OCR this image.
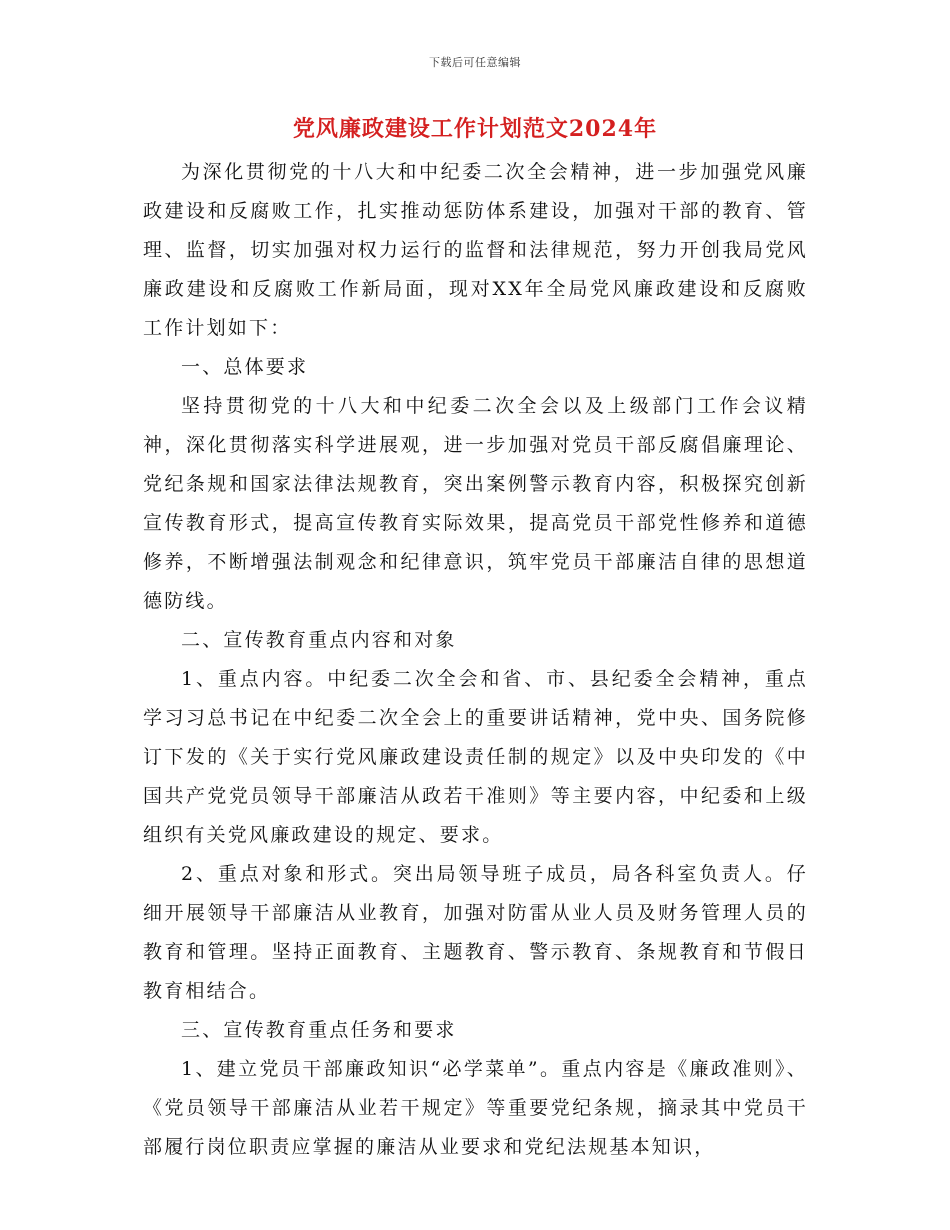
下载后可任意编辑
党风廉政建设工作计划范文2024年

为深化贯彻党的十八大和中纪委二次全会精神，进一步加强党风廉政建设和反腐败工作，扎实推动惩防体系建设，加强对干部的教育、管理、监督，切实加强对权力运行的监督和法律规范，努力开创我局党风廉政建设和反腐败工作新局面，现对XX年全局党风廉政建设和反腐败工作计划如下：

一、总体要求

坚持贯彻党的十八大和中纪委二次全会以及上级部门工作会议精神，深化贯彻落实科学进展观，进一步加强对党员干部反腐倡廉理论、党纪条规和国家法律法规教育，突出案例警示教育内容，积极探究创新宣传教育形式，提高宣传教育实际效果，提高党员干部党性修养和道德修养，不断增强法制观念和纪律意识，筑牢党员干部廉洁自律的思想道德防线。

二、宣传教育重点内容和对象

1、重点内容。中纪委二次全会和省、市、县纪委全会精神，重点学习习总书记在中纪委二次全会上的重要讲话精神，党中央、国务院修订下发的《关于实行党风廉政建设责任制的规定》以及中央印发的《中国共产党党员领导干部廉洁从政若干准则》等主要内容，中纪委和上级组织有关党风廉政建设的规定、要求。

2、重点对象和形式。突出局领导班子成员，局各科室负责人。仔细开展领导干部廉洁从业教育，加强对防雷从业人员及财务管理人员的教育和管理。坚持正面教育、主题教育、警示教育、条规教育和节假日教育相结合。

三、宣传教育重点任务和要求

1、建立党员干部廉政知识“必学菜单”。重点内容是《廉政准则》、《党员领导干部廉洁从业若干规定》等重要党纪条规，摘录其中党员干部履行岗位职责应掌握的廉洁从业要求和党纪法规基本知识，
